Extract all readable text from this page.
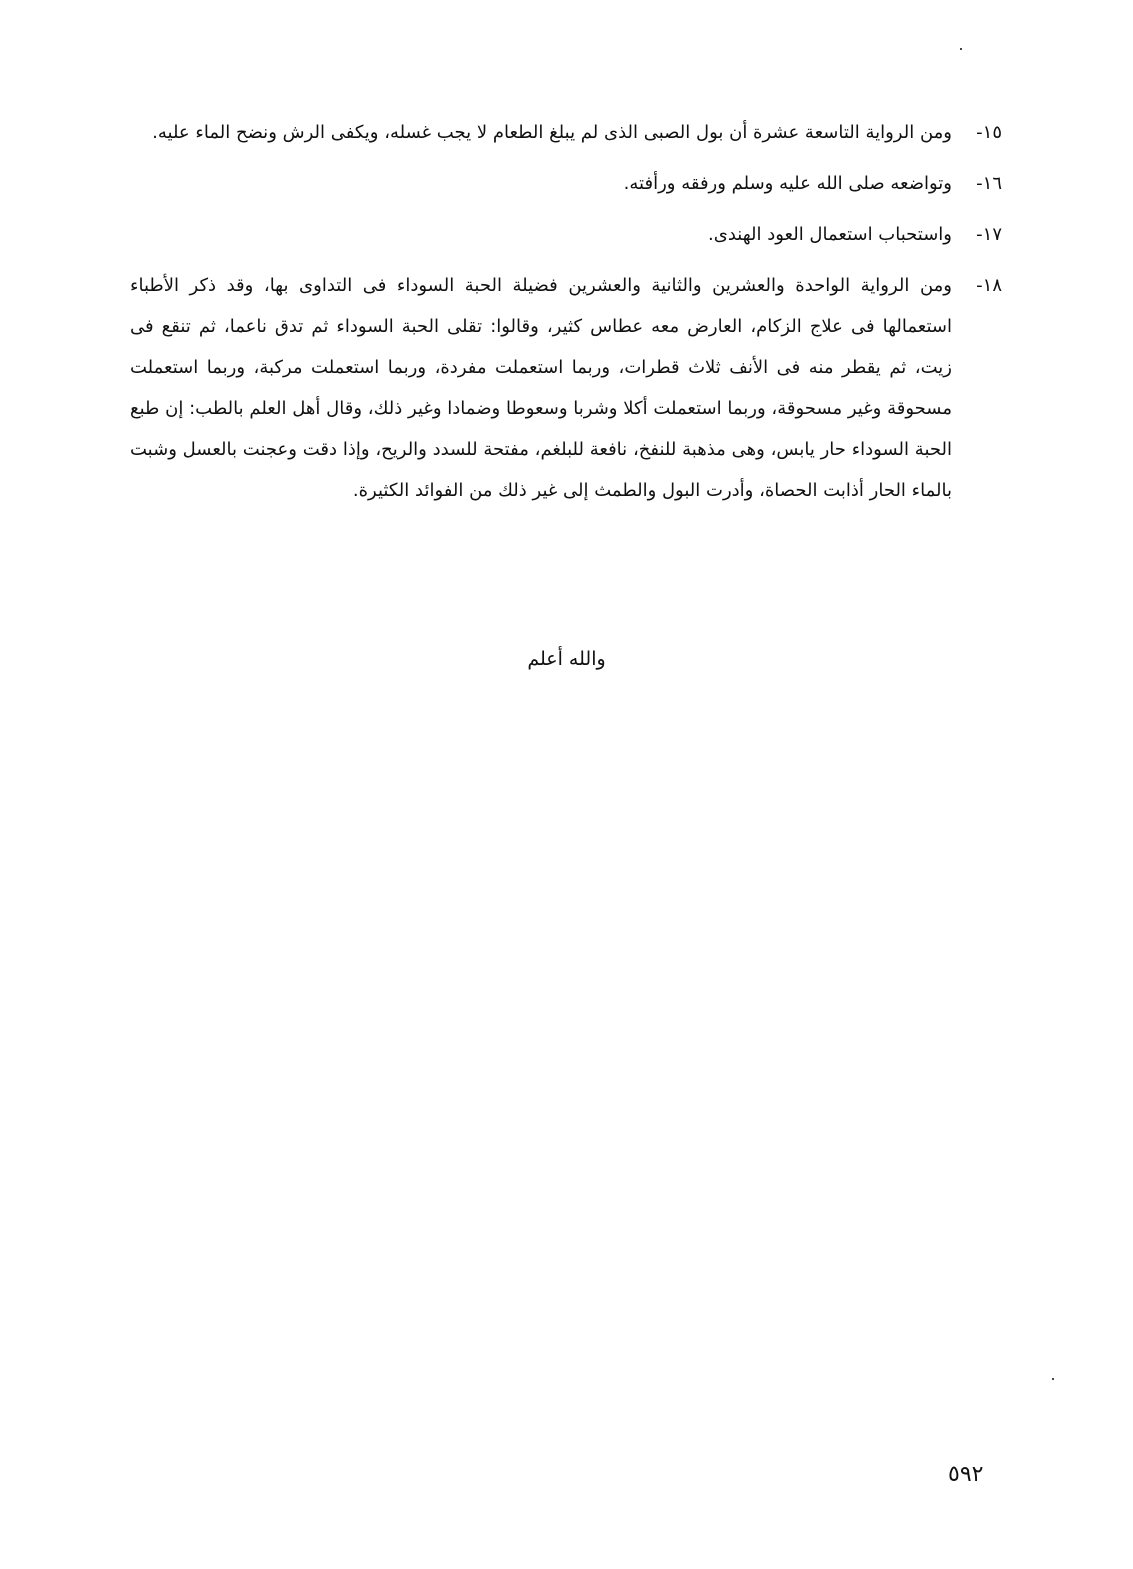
١٥-
ومن الرواية التاسعة عشرة أن بول الصبى الذى لم يبلغ الطعام لا يجب غسله، ويكفى الرش ونضح الماء عليه.
١٦-
وتواضعه صلى الله عليه وسلم ورفقه ورأفته.
١٧-
واستحباب استعمال العود الهندى.
١٨-
ومن الرواية الواحدة والعشرين والثانية والعشرين فضيلة الحبة السوداء فى التداوى بها، وقد ذكر الأطباء استعمالها فى علاج الزكام، العارض معه عطاس كثير، وقالوا: تقلى الحبة السوداء ثم تدق ناعما، ثم تنقع فى زيت، ثم يقطر منه فى الأنف ثلاث قطرات، وربما استعملت مفردة، وربما استعملت مركبة، وربما استعملت مسحوقة وغير مسحوقة، وربما استعملت أكلا وشربا وسعوطا وضمادا وغير ذلك، وقال أهل العلم بالطب: إن طبع الحبة السوداء حار يابس، وهى مذهبة للنفخ، نافعة للبلغم، مفتحة للسدد والريح، وإذا دقت وعجنت بالعسل وشبت بالماء الحار أذابت الحصاة، وأدرت البول والطمث إلى غير ذلك من الفوائد الكثيرة.
والله أعلم
٥٩٢
